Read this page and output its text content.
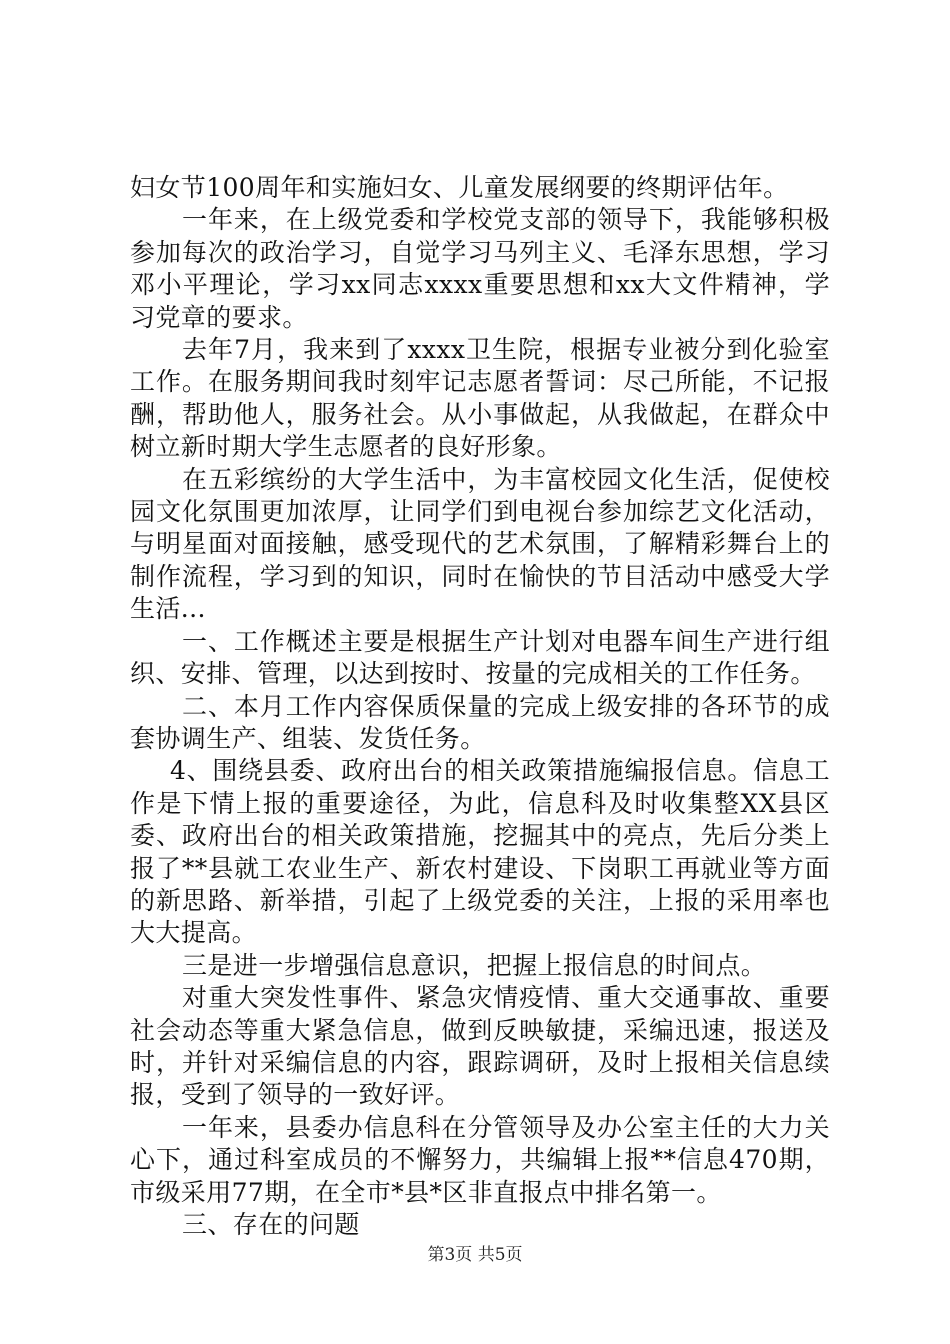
妇女节100周年和实施妇女、儿童发展纲要的终期评估年。

一年来，在上级党委和学校党支部的领导下，我能够积极参加每次的政治学习，自觉学习马列主义、毛泽东思想，学习邓小平理论，学习xx同志xxxx重要思想和xx大文件精神，学习党章的要求。

去年7月，我来到了xxxx卫生院，根据专业被分到化验室工作。在服务期间我时刻牢记志愿者誓词：尽己所能，不记报酬，帮助他人，服务社会。从小事做起，从我做起，在群众中树立新时期大学生志愿者的良好形象。

在五彩缤纷的大学生活中，为丰富校园文化生活，促使校园文化氛围更加浓厚，让同学们到电视台参加综艺文化活动，与明星面对面接触，感受现代的艺术氛围，了解精彩舞台上的制作流程，学习到的知识，同时在愉快的节目活动中感受大学生活...

一、工作概述主要是根据生产计划对电器车间生产进行组织、安排、管理，以达到按时、按量的完成相关的工作任务。

二、本月工作内容保质保量的完成上级安排的各环节的成套协调生产、组装、发货任务。

4、围绕县委、政府出台的相关政策措施编报信息。信息工作是下情上报的重要途径，为此，信息科及时收集整XX县区委、政府出台的相关政策措施，挖掘其中的亮点，先后分类上报了**县就工农业生产、新农村建设、下岗职工再就业等方面的新思路、新举措，引起了上级党委的关注，上报的采用率也大大提高。

三是进一步增强信息意识，把握上报信息的时间点。

对重大突发性事件、紧急灾情疫情、重大交通事故、重要社会动态等重大紧急信息，做到反映敏捷，采编迅速，报送及时，并针对采编信息的内容，跟踪调研，及时上报相关信息续报，受到了领导的一致好评。

一年来，县委办信息科在分管领导及办公室主任的大力关心下，通过科室成员的不懈努力，共编辑上报**信息470期，市级采用77期，在全市*县*区非直报点中排名第一。

三、存在的问题

第3页 共5页
